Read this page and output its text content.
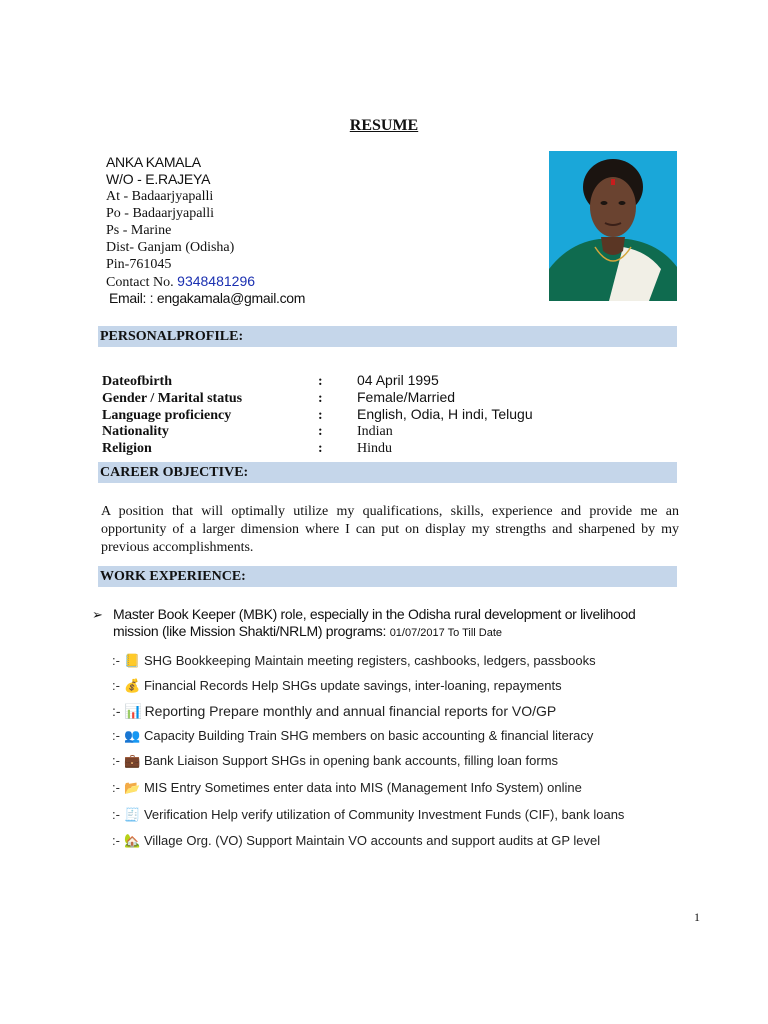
RESUME
ANKA KAMALA
W/O - E.RAJEYA
At - Badaarjyapalli
Po - Badaarjyapalli
Ps - Marine
Dist- Ganjam (Odisha)
Pin-761045
Contact No. 9348481296
Email: : engakamala@gmail.com
PERSONALPROFILE:
Dateofbirth	: 04 April 1995
Gender / Marital status	: Female/Married
Language proficiency	: English, Odia, H indi, Telugu
Nationality	: Indian
Religion	: Hindu
CAREER OBJECTIVE:
A position that will optimally utilize my qualifications, skills, experience and provide me an opportunity of a larger dimension where I can put on display my strengths and sharpened by my previous accomplishments.
WORK EXPERIENCE:
➢ Master Book Keeper (MBK) role, especially in the Odisha rural development or livelihood mission (like Mission Shakti/NRLM) programs: 01/07/2017 To Till Date
:- 📒 SHG Bookkeeping Maintain meeting registers, cashbooks, ledgers, passbooks
:- 💰 Financial Records Help SHGs update savings, inter-loaning, repayments
:- 📊 Reporting Prepare monthly and annual financial reports for VO/GP
:- 👥 Capacity Building Train SHG members on basic accounting & financial literacy
:- 💼 Bank Liaison Support SHGs in opening bank accounts, filling loan forms
:- 📂 MIS Entry Sometimes enter data into MIS (Management Info System) online
:- 🧾 Verification Help verify utilization of Community Investment Funds (CIF), bank loans
:- 🏡 Village Org. (VO) Support Maintain VO accounts and support audits at GP level
1
